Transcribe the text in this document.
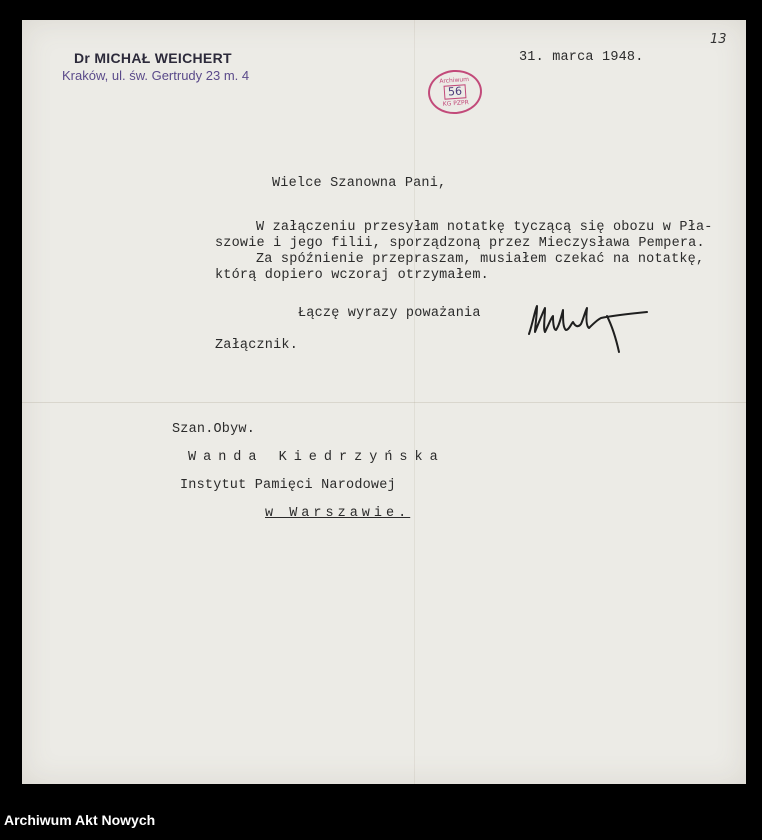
Dr MICHAŁ WEICHERT
Kraków, ul. św. Gertrudy 23 m. 4
31. marca 1948.
13
Wielce Szanowna Pani,
W załączeniu przesyłam notatkę tyczącą się obozu w Pła-
szowie i jego filii, sporządzoną przez Mieczysława Pempera.
Za spóźnienie przepraszam, musiałem czekać na notatkę,
którą dopiero wczoraj otrzymałem.
Łączę wyrazy poważania
Załącznik.
Szan.Obyw.
Wanda Kiedrzyńska
Instytut Pamięci Narodowej
w Warszawie.
Archiwum
56
KG PZPR
Archiwum Akt Nowych
